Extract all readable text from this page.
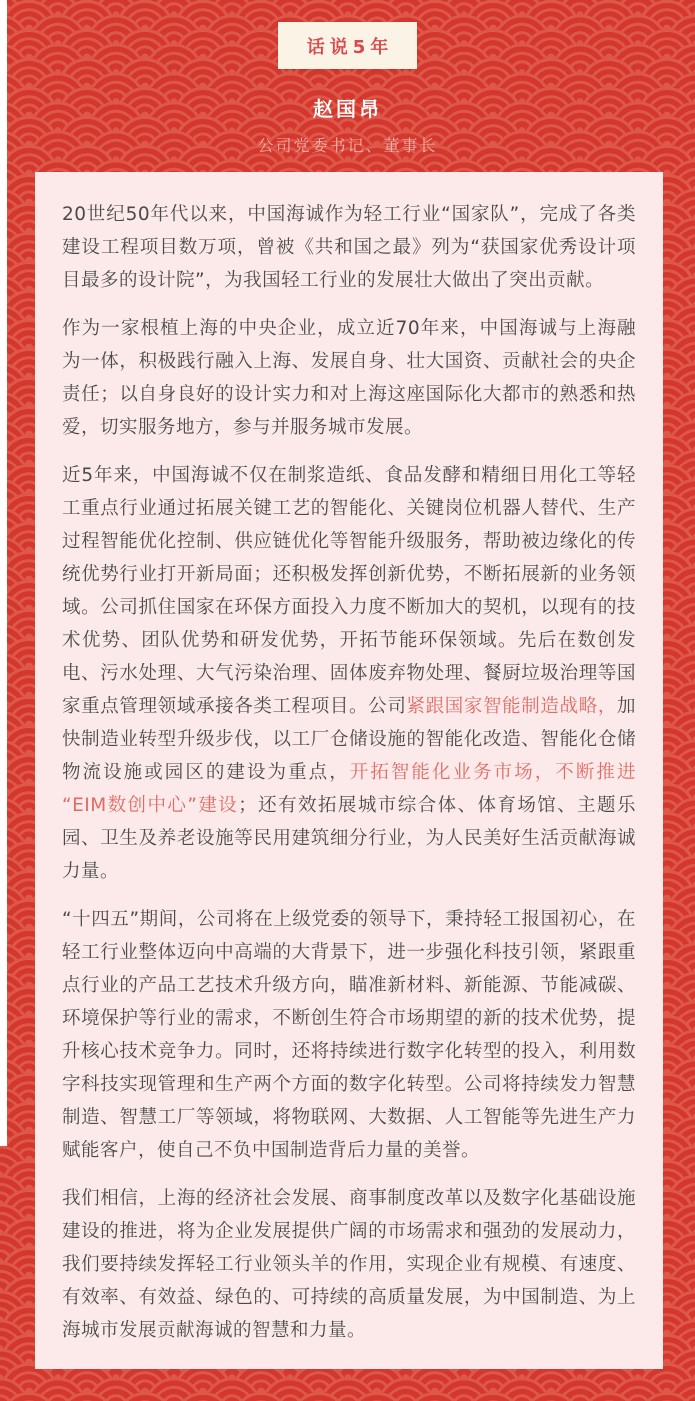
话说5年
赵国昂
公司党委书记、董事长

20世纪50年代以来，中国海诚作为轻工行业“国家队”，完成了各类建设工程项目数万项，曾被《共和国之最》列为“获国家优秀设计项目最多的设计院”，为我国轻工行业的发展壮大做出了突出贡献。

作为一家根植上海的中央企业，成立近70年来，中国海诚与上海融为一体，积极践行融入上海、发展自身、壮大国资、贡献社会的央企责任；以自身良好的设计实力和对上海这座国际化大都市的熟悉和热爱，切实服务地方，参与并服务城市发展。

近5年来，中国海诚不仅在制浆造纸、食品发酵和精细日用化工等轻工重点行业通过拓展关键工艺的智能化、关键岗位机器人替代、生产过程智能优化控制、供应链优化等智能升级服务，帮助被边缘化的传统优势行业打开新局面；还积极发挥创新优势，不断拓展新的业务领域。公司抓住国家在环保方面投入力度不断加大的契机，以现有的技术优势、团队优势和研发优势，开拓节能环保领域。先后在数创发电、污水处理、大气污染治理、固体废弃物处理、餐厨垃圾治理等国家重点管理领域承接各类工程项目。公司紧跟国家智能制造战略，加快制造业转型升级步伐，以工厂仓储设施的智能化改造、智能化仓储物流设施或园区的建设为重点，开拓智能化业务市场，不断推进“EIM数创中心”建设；还有效拓展城市综合体、体育场馆、主题乐园、卫生及养老设施等民用建筑细分行业，为人民美好生活贡献海诚力量。

“十四五”期间，公司将在上级党委的领导下，秉持轻工报国初心，在轻工行业整体迈向中高端的大背景下，进一步强化科技引领，紧跟重点行业的产品工艺技术升级方向，瞄准新材料、新能源、节能减碳、环境保护等行业的需求，不断创生符合市场期望的新的技术优势，提升核心技术竞争力。同时，还将持续进行数字化转型的投入，利用数字科技实现管理和生产两个方面的数字化转型。公司将持续发力智慧制造、智慧工厂等领域，将物联网、大数据、人工智能等先进生产力赋能客户，使自己不负中国制造背后力量的美誉。

我们相信，上海的经济社会发展、商事制度改革以及数字化基础设施建设的推进，将为企业发展提供广阔的市场需求和强劲的发展动力，我们要持续发挥轻工行业领头羊的作用，实现企业有规模、有速度、有效率、有效益、绿色的、可持续的高质量发展，为中国制造、为上海城市发展贡献海诚的智慧和力量。
